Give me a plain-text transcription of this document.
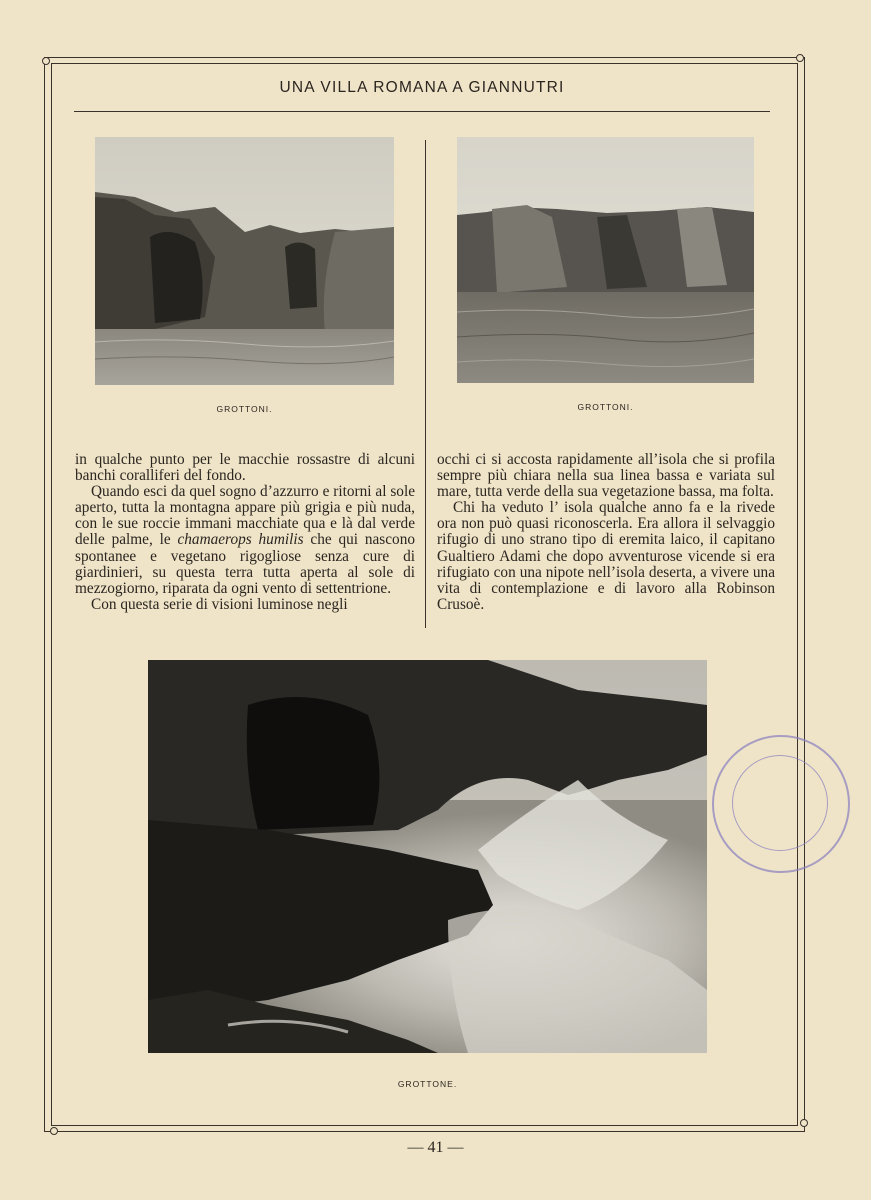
UNA VILLA ROMANA A GIANNUTRI
GROTTONI.	GROTTONI.

in qualche punto per le macchie rossastre di alcuni banchi coralliferi del fondo.

Quando esci da quel sogno d’azzurro e ritorni al sole aperto, tutta la montagna appare più grigia e più nuda, con le sue roccie immani macchiate qua e là dal verde delle palme, le chamaerops humilis che qui nascono spontanee e vegetano rigogliose senza cure di giardinieri, su questa terra tutta aperta al sole di mezzogiorno, riparata da ogni vento di settentrione.

Con questa serie di visioni luminose negli

occhi ci si accosta rapidamente all’isola che si profila sempre più chiara nella sua linea bassa e variata sul mare, tutta verde della sua vegetazione bassa, ma folta.

Chi ha veduto l’ isola qualche anno fa e la rivede ora non può quasi riconoscerla. Era allora il selvaggio rifugio di uno strano tipo di eremita laico, il capitano Gualtiero Adami che dopo avventurose vicende si era rifugiato con una nipote nell’isola deserta, a vivere una vita di contemplazione e di lavoro alla Robinson Crusoè.

GROTTONE.
— 41 —
